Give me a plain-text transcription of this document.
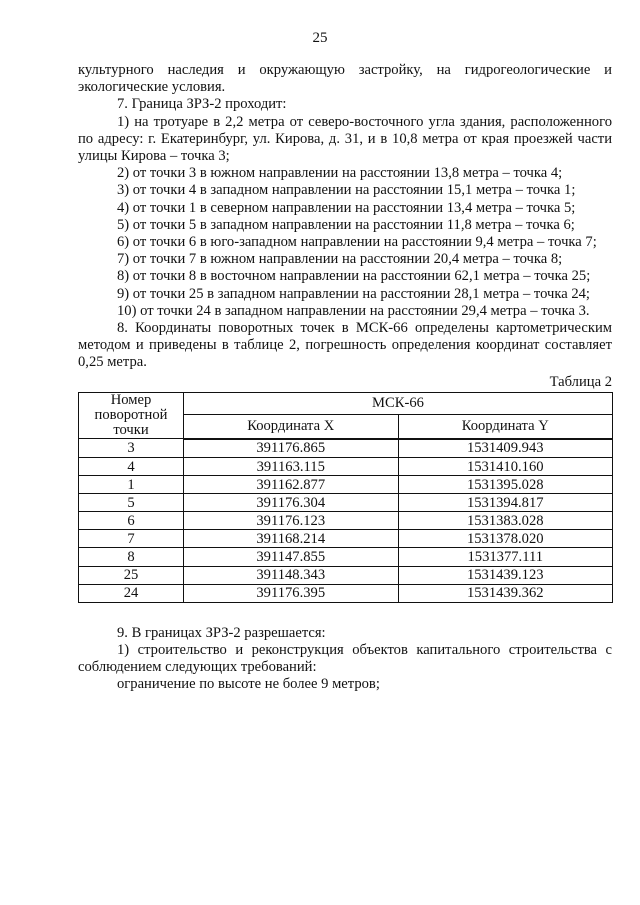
25

культурного наследия и окружающую застройку, на гидрогеологические и экологические условия.

7. Граница ЗРЗ-2 проходит:

1) на тротуаре в 2,2 метра от северо-восточного угла здания, расположенного по адресу: г. Екатеринбург, ул. Кирова, д. 31, и в 10,8 метра от края проезжей части улицы Кирова – точка 3;

2) от точки 3 в южном направлении на расстоянии 13,8 метра – точка 4;

3) от точки 4 в западном направлении на расстоянии 15,1 метра – точка 1;

4) от точки 1 в северном направлении на расстоянии 13,4 метра – точка 5;

5) от точки 5 в западном направлении на расстоянии 11,8 метра – точка 6;

6) от точки 6 в юго-западном направлении на расстоянии 9,4 метра – точка 7;

7) от точки 7 в южном направлении на расстоянии 20,4 метра – точка 8;

8) от точки 8 в восточном направлении на расстоянии 62,1 метра – точка 25;

9) от точки 25 в западном направлении на расстоянии 28,1 метра – точка 24;

10) от точки 24 в западном направлении на расстоянии 29,4 метра – точка 3.

8. Координаты поворотных точек в МСК-66 определены картометрическим методом и приведены в таблице 2, погрешность определения координат составляет 0,25 метра.

Таблица 2
Номер поворотной точки	МСК-66	
	Координата X	Координата Y
3	391176.865	1531409.943
4	391163.115	1531410.160
1	391162.877	1531395.028
5	391176.304	1531394.817
6	391176.123	1531383.028
7	391168.214	1531378.020
8	391147.855	1531377.111
25	391148.343	1531439.123
24	391176.395	1531439.362

9. В границах ЗРЗ-2 разрешается:

1) строительство и реконструкция объектов капитального строительства с соблюдением следующих требований:

ограничение по высоте не более 9 метров;
